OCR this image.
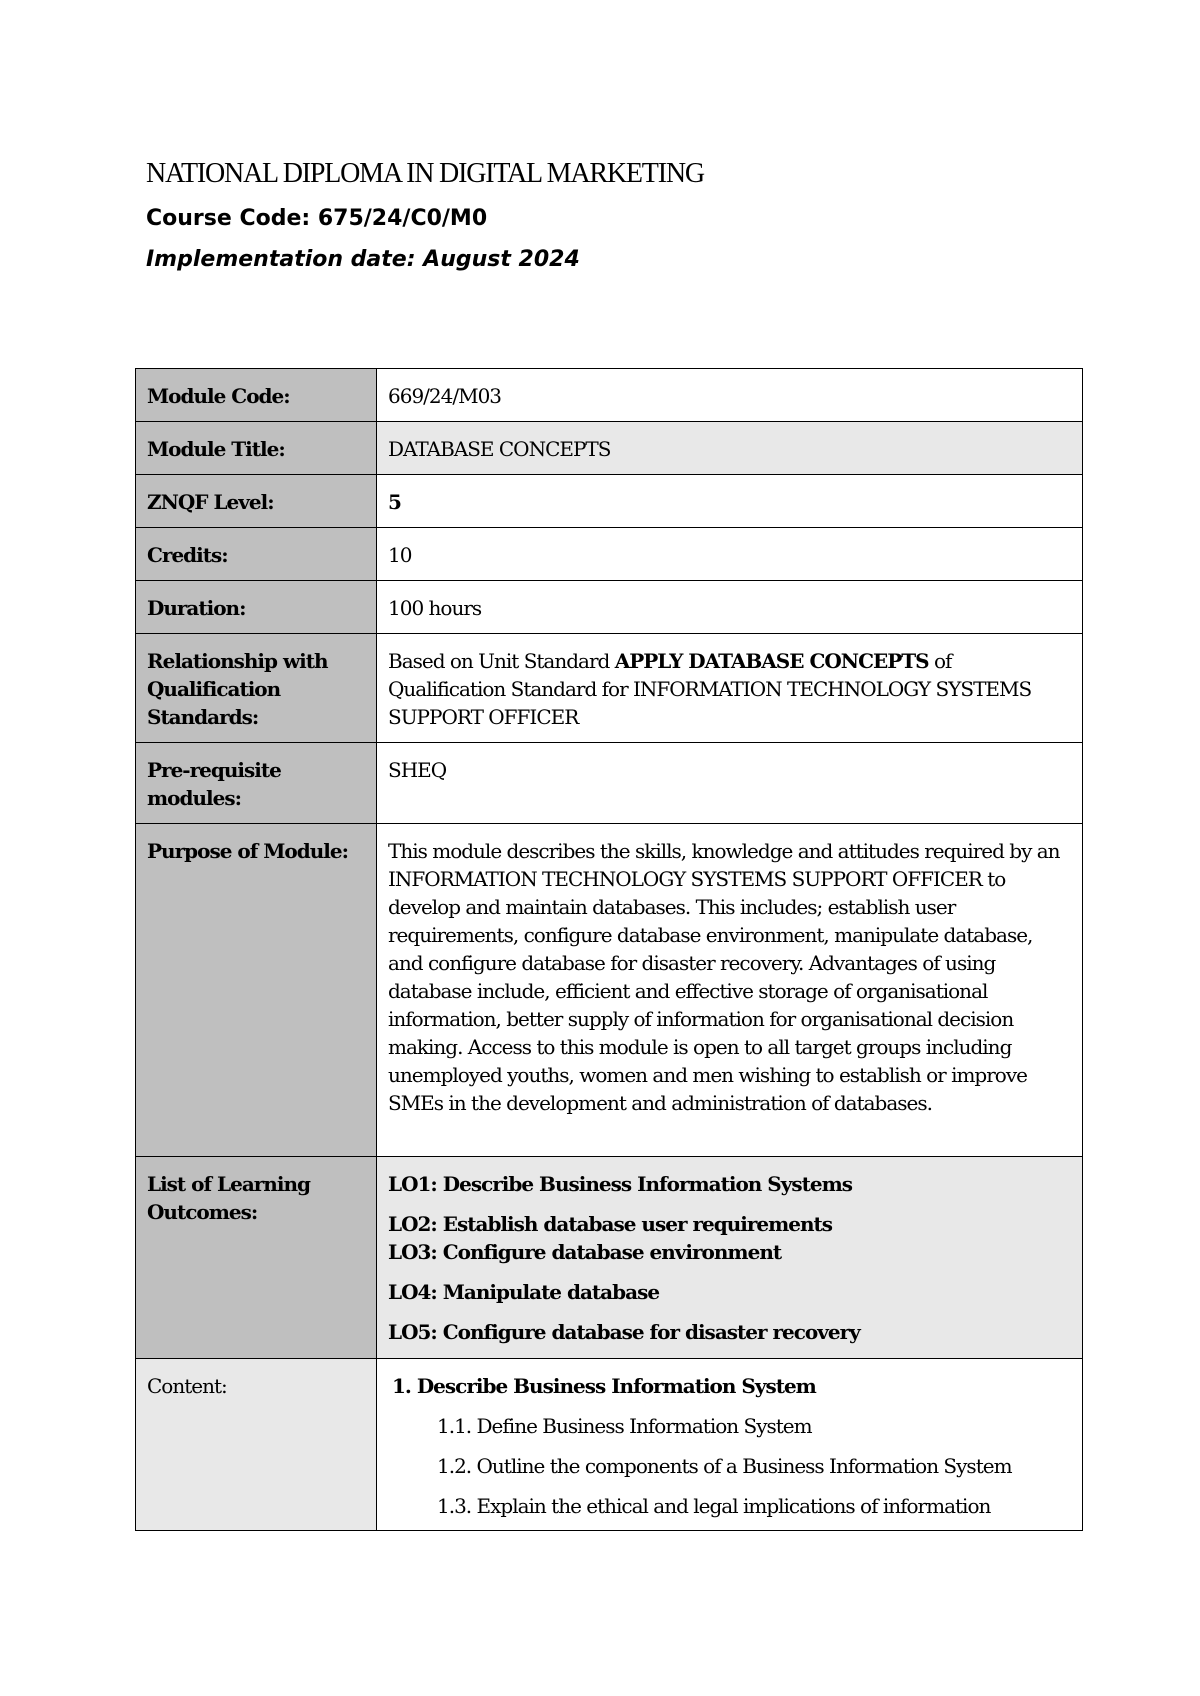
NATIONAL DIPLOMA IN DIGITAL MARKETING
Course Code: 675/24/C0/M0
Implementation date: August 2024
Module Code:	669/24/M03
Module Title:	DATABASE CONCEPTS
ZNQF Level:	5
Credits:	10
Duration:	100 hours
Relationship with Qualification Standards:	Based on Unit Standard APPLY DATABASE CONCEPTS of Qualification Standard for INFORMATION TECHNOLOGY SYSTEMS SUPPORT OFFICER
Pre-requisite modules:	SHEQ
Purpose of Module:	This module describes the skills, knowledge and attitudes required by an INFORMATION TECHNOLOGY SYSTEMS SUPPORT OFFICER to develop and maintain databases. This includes; establish user requirements, configure database environment, manipulate database, and configure database for disaster recovery. Advantages of using database include, efficient and effective storage of organisational information, better supply of information for organisational decision making. Access to this module is open to all target groups including unemployed youths, women and men wishing to establish or improve SMEs in the development and administration of databases.
List of Learning Outcomes:	LO1: Describe Business Information Systems
LO2: Establish database user requirements
LO3: Configure database environment
LO4: Manipulate database
LO5: Configure database for disaster recovery

Content:	1. Describe Business Information System
1.1. Define Business Information System
1.2. Outline the components of a Business Information System
1.3. Explain the ethical and legal implications of information
